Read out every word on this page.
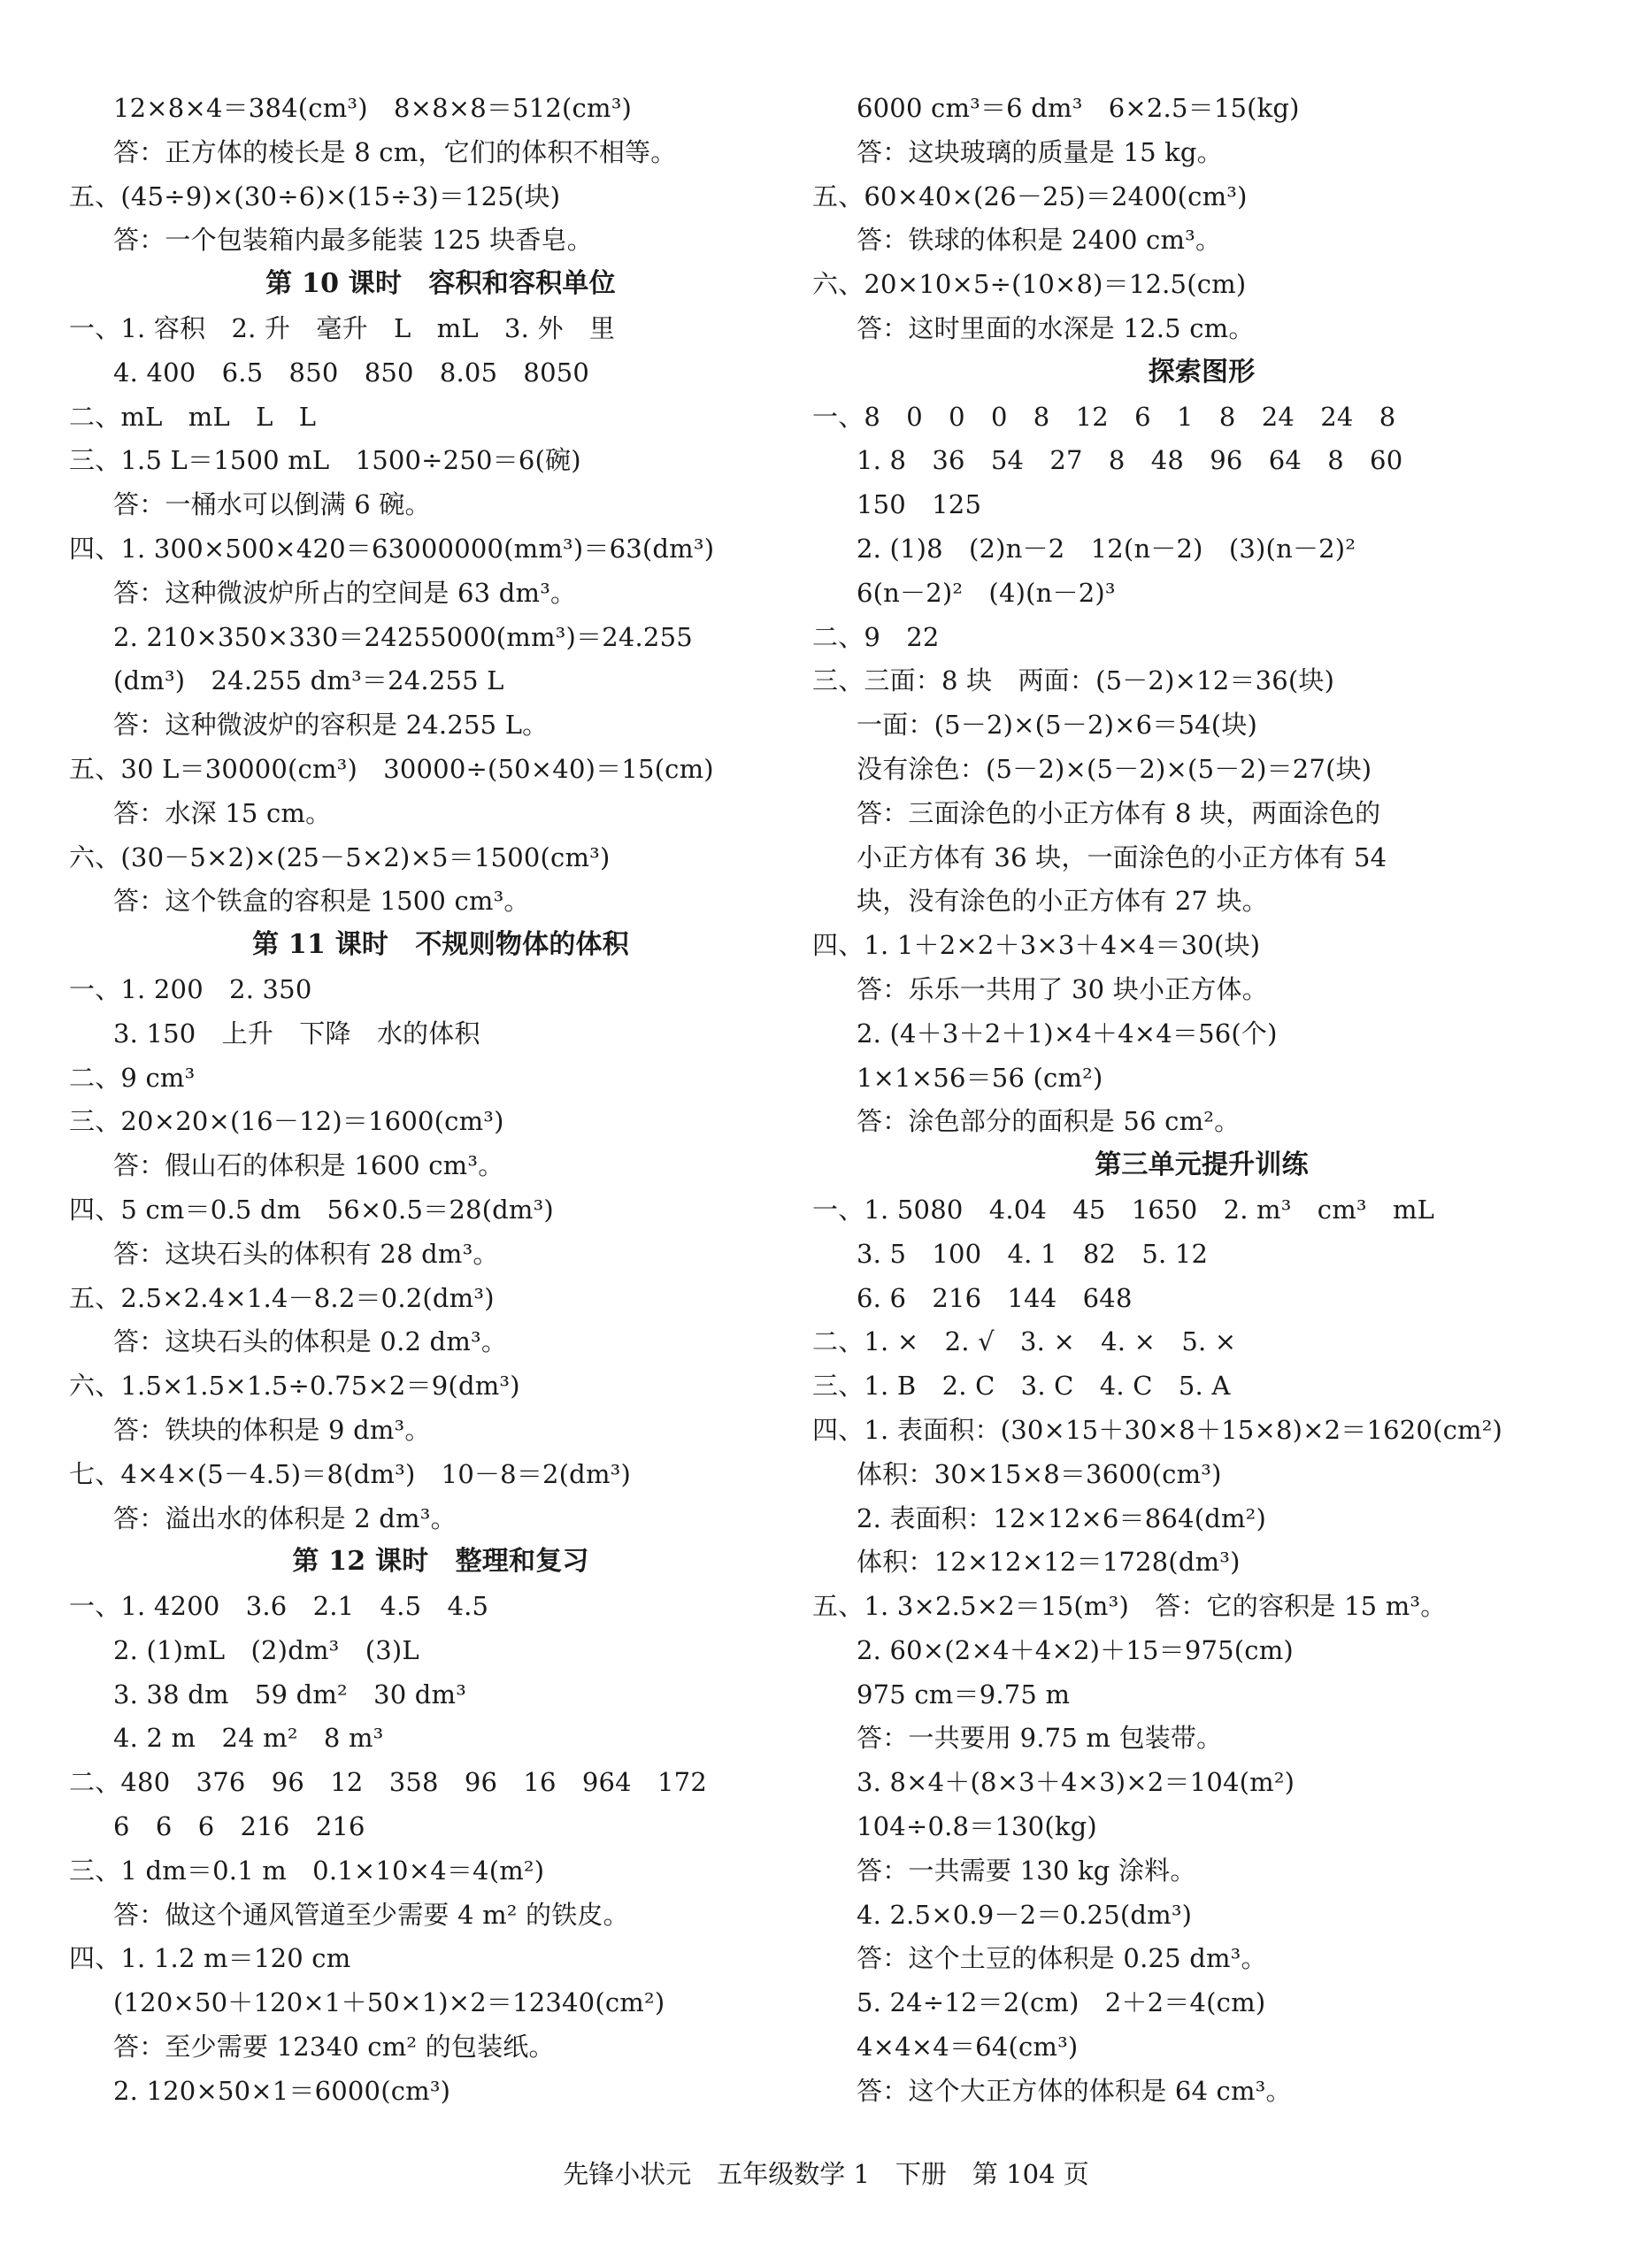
12×8×4＝384(cm³)　8×8×8＝512(cm³)
答：正方体的棱长是 8 cm，它们的体积不相等。
五、(45÷9)×(30÷6)×(15÷3)＝125(块)
答：一个包装箱内最多能装 125 块香皂。
第 10 课时　容积和容积单位
一、1. 容积　2. 升　毫升　L　mL　3. 外　里
4. 400　6.5　850　850　8.05　8050
二、mL　mL　L　L
三、1.5 L＝1500 mL　1500÷250＝6(碗)
答：一桶水可以倒满 6 碗。
四、1. 300×500×420＝63000000(mm³)＝63(dm³)
答：这种微波炉所占的空间是 63 dm³。
2. 210×350×330＝24255000(mm³)＝24.255
(dm³)　24.255 dm³＝24.255 L
答：这种微波炉的容积是 24.255 L。
五、30 L＝30000(cm³)　30000÷(50×40)＝15(cm)
答：水深 15 cm。
六、(30－5×2)×(25－5×2)×5＝1500(cm³)
答：这个铁盒的容积是 1500 cm³。
第 11 课时　不规则物体的体积
一、1. 200　2. 350
3. 150　上升　下降　水的体积
二、9 cm³
三、20×20×(16－12)＝1600(cm³)
答：假山石的体积是 1600 cm³。
四、5 cm＝0.5 dm　56×0.5＝28(dm³)
答：这块石头的体积有 28 dm³。
五、2.5×2.4×1.4－8.2＝0.2(dm³)
答：这块石头的体积是 0.2 dm³。
六、1.5×1.5×1.5÷0.75×2＝9(dm³)
答：铁块的体积是 9 dm³。
七、4×4×(5－4.5)＝8(dm³)　10－8＝2(dm³)
答：溢出水的体积是 2 dm³。
第 12 课时　整理和复习
一、1. 4200　3.6　2.1　4.5　4.5
2. (1)mL　(2)dm³　(3)L
3. 38 dm　59 dm²　30 dm³
4. 2 m　24 m²　8 m³
二、480　376　96　12　358　96　16　964　172
6　6　6　216　216
三、1 dm＝0.1 m　0.1×10×4＝4(m²)
答：做这个通风管道至少需要 4 m² 的铁皮。
四、1. 1.2 m＝120 cm
(120×50＋120×1＋50×1)×2＝12340(cm²)
答：至少需要 12340 cm² 的包装纸。
2. 120×50×1＝6000(cm³)
6000 cm³＝6 dm³　6×2.5＝15(kg)
答：这块玻璃的质量是 15 kg。
五、60×40×(26－25)＝2400(cm³)
答：铁球的体积是 2400 cm³。
六、20×10×5÷(10×8)＝12.5(cm)
答：这时里面的水深是 12.5 cm。
探索图形
一、8　0　0　0　8　12　6　1　8　24　24　8
1. 8　36　54　27　8　48　96　64　8　60
150　125
2. (1)8　(2)n－2　12(n－2)　(3)(n－2)²
6(n－2)²　(4)(n－2)³
二、9　22
三、三面：8 块　两面：(5－2)×12＝36(块)
一面：(5－2)×(5－2)×6＝54(块)
没有涂色：(5－2)×(5－2)×(5－2)＝27(块)
答：三面涂色的小正方体有 8 块，两面涂色的
小正方体有 36 块，一面涂色的小正方体有 54
块，没有涂色的小正方体有 27 块。
四、1. 1＋2×2＋3×3＋4×4＝30(块)
答：乐乐一共用了 30 块小正方体。
2. (4＋3＋2＋1)×4＋4×4＝56(个)
1×1×56＝56 (cm²)
答：涂色部分的面积是 56 cm²。
第三单元提升训练
一、1. 5080　4.04　45　1650　2. m³　cm³　mL
3. 5　100　4. 1　82　5. 12
6. 6　216　144　648
二、1. ×　2. √　3. ×　4. ×　5. ×
三、1. B　2. C　3. C　4. C　5. A
四、1. 表面积：(30×15＋30×8＋15×8)×2＝1620(cm²)
体积：30×15×8＝3600(cm³)
2. 表面积：12×12×6＝864(dm²)
体积：12×12×12＝1728(dm³)
五、1. 3×2.5×2＝15(m³)　答：它的容积是 15 m³。
2. 60×(2×4＋4×2)＋15＝975(cm)
975 cm＝9.75 m
答：一共要用 9.75 m 包装带。
3. 8×4＋(8×3＋4×3)×2＝104(m²)
104÷0.8＝130(kg)
答：一共需要 130 kg 涂料。
4. 2.5×0.9－2＝0.25(dm³)
答：这个土豆的体积是 0.25 dm³。
5. 24÷12＝2(cm)　2＋2＝4(cm)
4×4×4＝64(cm³)
答：这个大正方体的体积是 64 cm³。
先锋小状元　五年级数学 1　下册　第 104 页
